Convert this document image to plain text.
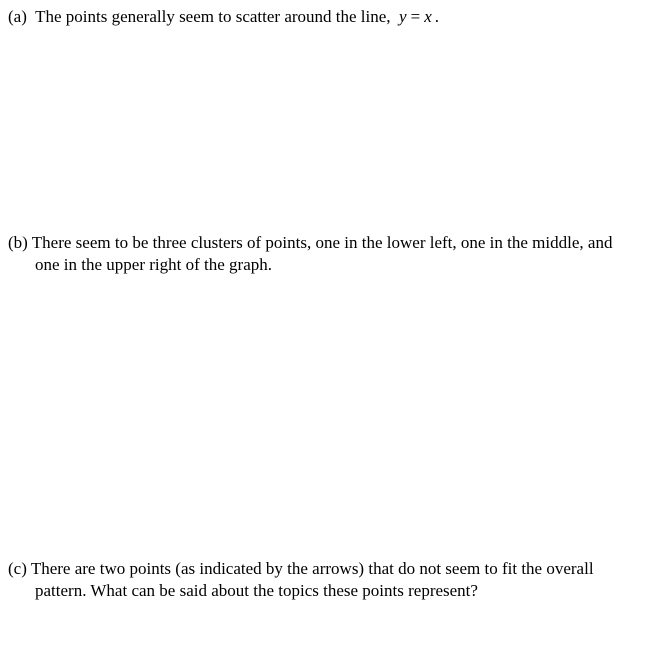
(a) The points generally seem to scatter around the line, y = x .
(b) There seem to be three clusters of points, one in the lower left, one in the middle, and
one in the upper right of the graph.
(c) There are two points (as indicated by the arrows) that do not seem to fit the overall
pattern. What can be said about the topics these points represent?
